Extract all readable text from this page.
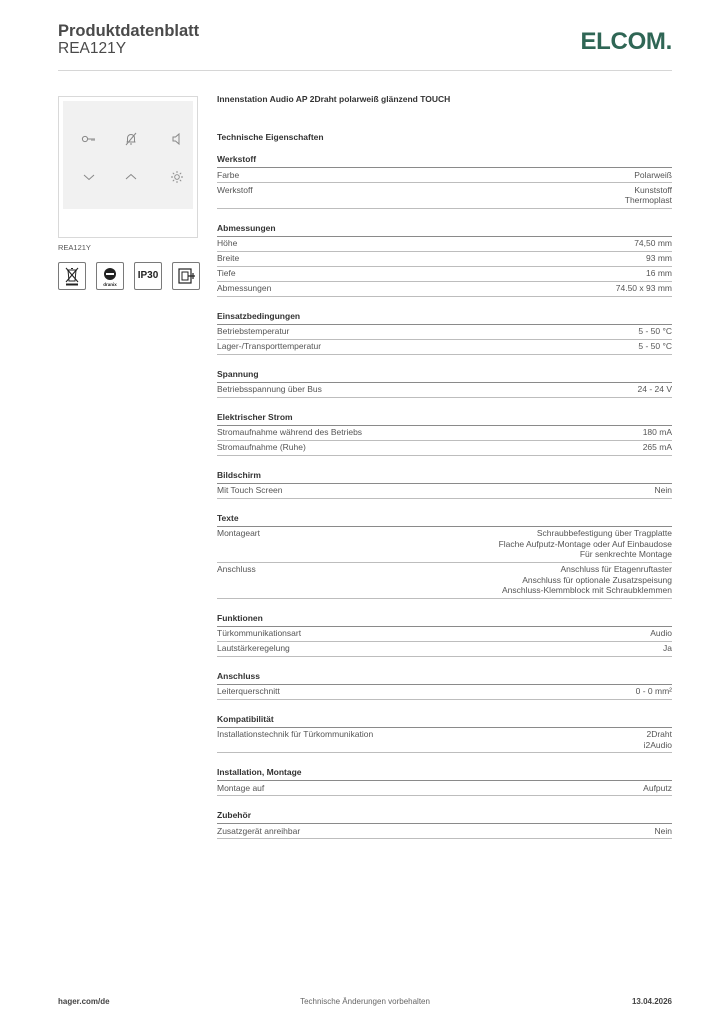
Produktdatenblatt
REA121Y	ELCOM.
REA121Y
dranix
IP30
Innenstation Audio AP 2Draht polarweiß glänzend TOUCH
Technische Eigenschaften
Werkstoff
Farbe	Polarweiß
Werkstoff	Kunststoff
Thermoplast
Abmessungen
Höhe	74,50 mm
Breite	93 mm
Tiefe	16 mm
Abmessungen	74.50 x 93 mm
Einsatzbedingungen
Betriebstemperatur	5 - 50 °C
Lager-/Transporttemperatur	5 - 50 °C
Spannung
Betriebsspannung über Bus	24 - 24 V
Elektrischer Strom
Stromaufnahme während des Betriebs	180 mA
Stromaufnahme (Ruhe)	265 mA
Bildschirm
Mit Touch Screen	Nein
Texte
Montageart	Schraubbefestigung über Tragplatte
Flache Aufputz-Montage oder Auf Einbaudose
Für senkrechte Montage
Anschluss	Anschluss für Etagenruftaster
Anschluss für optionale Zusatzspeisung
Anschluss-Klemmblock mit Schraubklemmen
Funktionen
Türkommunikationsart	Audio
Lautstärkeregelung	Ja
Anschluss
Leiterquerschnitt	0 - 0 mm²
Kompatibilität
Installationstechnik für Türkommunikation	2Draht
i2Audio
Installation, Montage
Montage auf	Aufputz
Zubehör
Zusatzgerät anreihbar	Nein
hager.com/de	Technische Änderungen vorbehalten	13.04.2026
